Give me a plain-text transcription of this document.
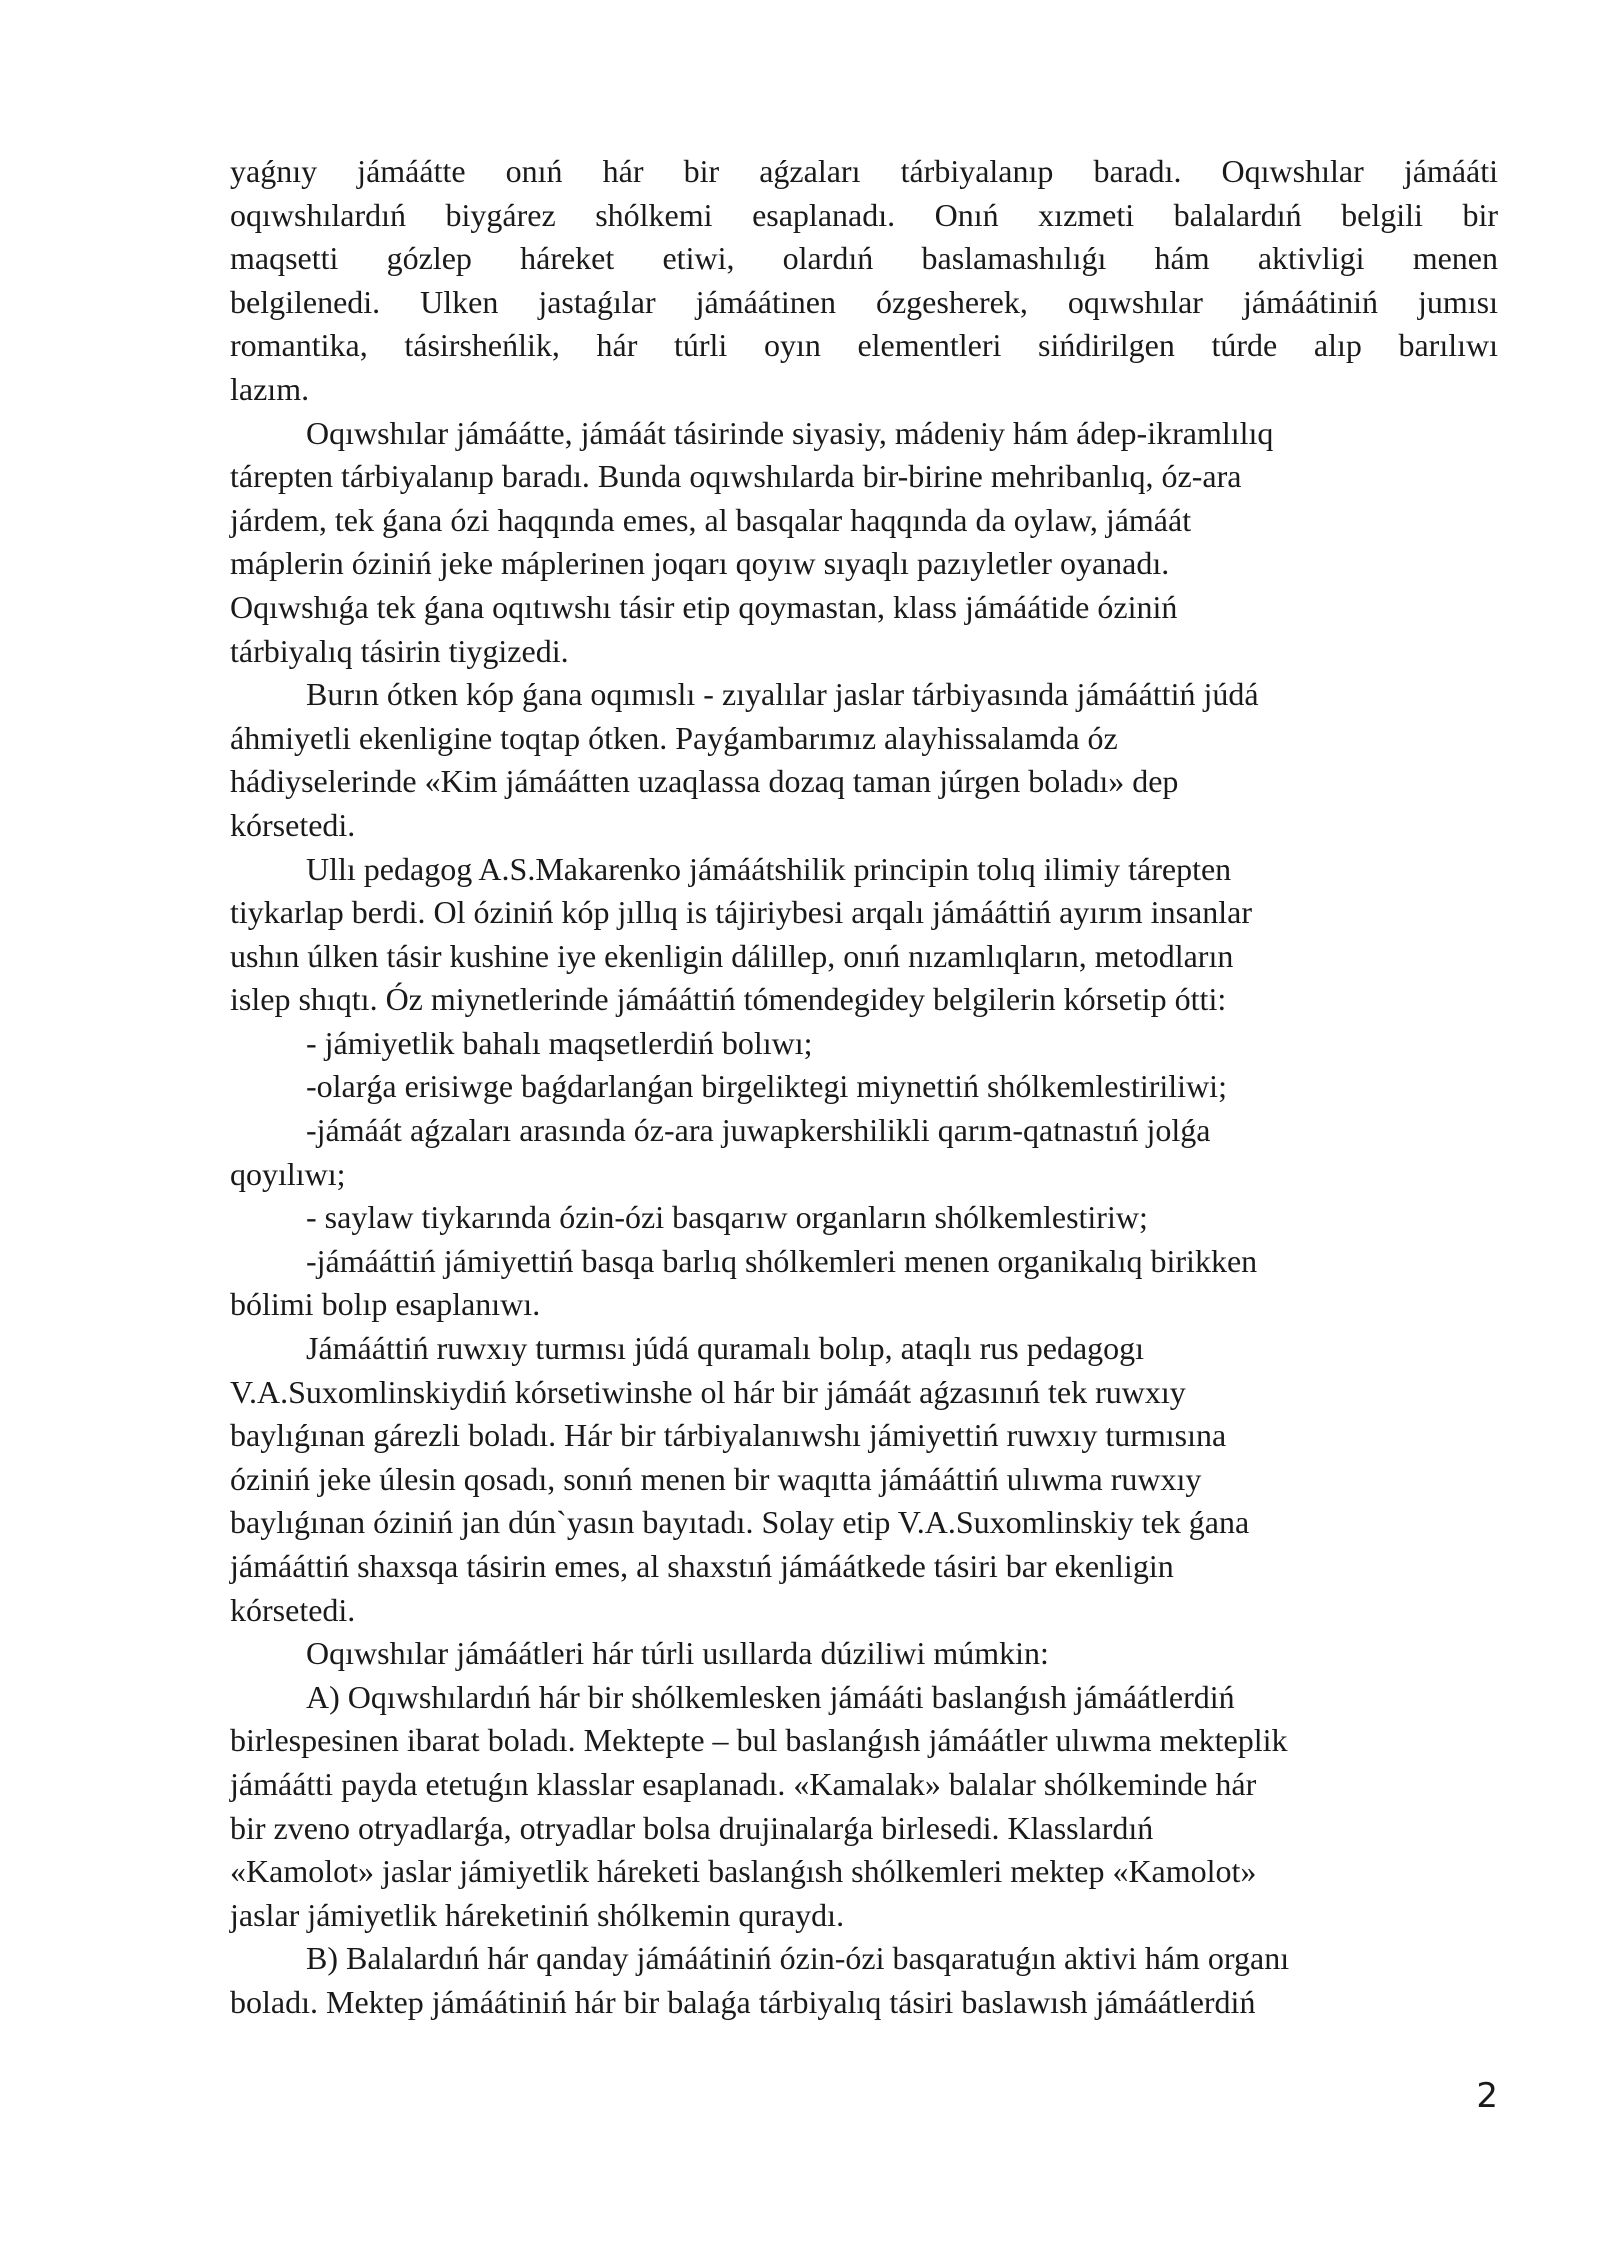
yaǵnıy jámáátte onıń hár bir aǵzaları tárbiyalanıp baradı. Oqıwshılar jámááti
oqıwshılardıń biygárez shólkemi esaplanadı. Onıń xızmeti balalardıń belgili bir
maqsetti gózlep háreket etiwi, olardıń baslamashılıǵı hám aktivligi menen
belgilenedi. Ulken jastaǵılar jámáátinen ózgesherek, oqıwshılar jámáátiniń jumısı
romantika, tásirsheńlik, hár túrli oyın elementleri sińdirilgen túrde alıp barılıwı
lazım.
Oqıwshılar jámáátte, jámáát tásirinde siyasiy, mádeniy hám ádep-ikramlılıq
tárepten tárbiyalanıp baradı. Bunda oqıwshılarda bir-birine mehribanlıq, óz-ara
járdem, tek ǵana ózi haqqında emes, al basqalar haqqında da oylaw, jámáát
máplerin óziniń jeke máplerinen joqarı qoyıw sıyaqlı pazıyletler oyanadı.
Oqıwshıǵa tek ǵana oqıtıwshı tásir etip qoymastan, klass jámáátide óziniń
tárbiyalıq tásirin tiygizedi.
Burın ótken kóp ǵana oqımıslı - zıyalılar jaslar tárbiyasında jámááttiń júdá
áhmiyetli ekenligine toqtap ótken. Payǵambarımız alayhissalamda óz
hádiyselerinde «Kim jámáátten uzaqlassa dozaq taman júrgen boladı» dep
kórsetedi.
Ullı pedagog A.S.Makarenko jámáátshilik principin tolıq ilimiy tárepten
tiykarlap berdi. Ol óziniń kóp jıllıq is tájiriybesi arqalı jámááttiń ayırım insanlar
ushın úlken tásir kushine iye ekenligin dálillep, onıń nızamlıqların, metodların
islep shıqtı. Óz miynetlerinde jámááttiń tómendegidey belgilerin kórsetip ótti:
- jámiyetlik bahalı maqsetlerdiń bolıwı;
-olarǵa erisiwge baǵdarlanǵan birgeliktegi miynettiń shólkemlestiriliwi;
-jámáát aǵzaları arasında óz-ara juwapkershilikli qarım-qatnastıń jolǵa
qoyılıwı;
- saylaw tiykarında ózin-ózi basqarıw organların shólkemlestiriw;
-jámááttiń jámiyettiń basqa barlıq shólkemleri menen organikalıq birikken
bólimi bolıp esaplanıwı.
Jámááttiń ruwxıy turmısı júdá quramalı bolıp, ataqlı rus pedagogı
V.A.Suxomlinskiydiń kórsetiwinshe ol hár bir jámáát aǵzasınıń tek ruwxıy
baylıǵınan gárezli boladı. Hár bir tárbiyalanıwshı jámiyettiń ruwxıy turmısına
óziniń jeke úlesin qosadı, sonıń menen bir waqıtta jámááttiń ulıwma ruwxıy
baylıǵınan óziniń jan dún`yasın bayıtadı. Solay etip V.A.Suxomlinskiy tek ǵana
jámááttiń shaxsqa tásirin emes, al shaxstıń jámáátkede tásiri bar ekenligin
kórsetedi.
Oqıwshılar jámáátleri hár túrli usıllarda dúziliwi múmkin:
A) Oqıwshılardıń hár bir shólkemlesken jámááti baslanǵısh jámáátlerdiń
birlespesinen ibarat boladı. Mektepte – bul baslanǵısh jámáátler ulıwma mekteplik
jámáátti payda etetuǵın klasslar esaplanadı. «Kamalak» balalar shólkeminde hár
bir zveno otryadlarǵa, otryadlar bolsa drujinalarǵa birlesedi. Klasslardıń
«Kamolot» jaslar jámiyetlik háreketi baslanǵısh shólkemleri mektep «Kamolot»
jaslar jámiyetlik háreketiniń shólkemin quraydı.
B) Balalardıń hár qanday jámáátiniń ózin-ózi basqaratuǵın aktivi hám organı
boladı. Mektep jámáátiniń hár bir balaǵa tárbiyalıq tásiri baslawısh jámáátlerdiń
2
